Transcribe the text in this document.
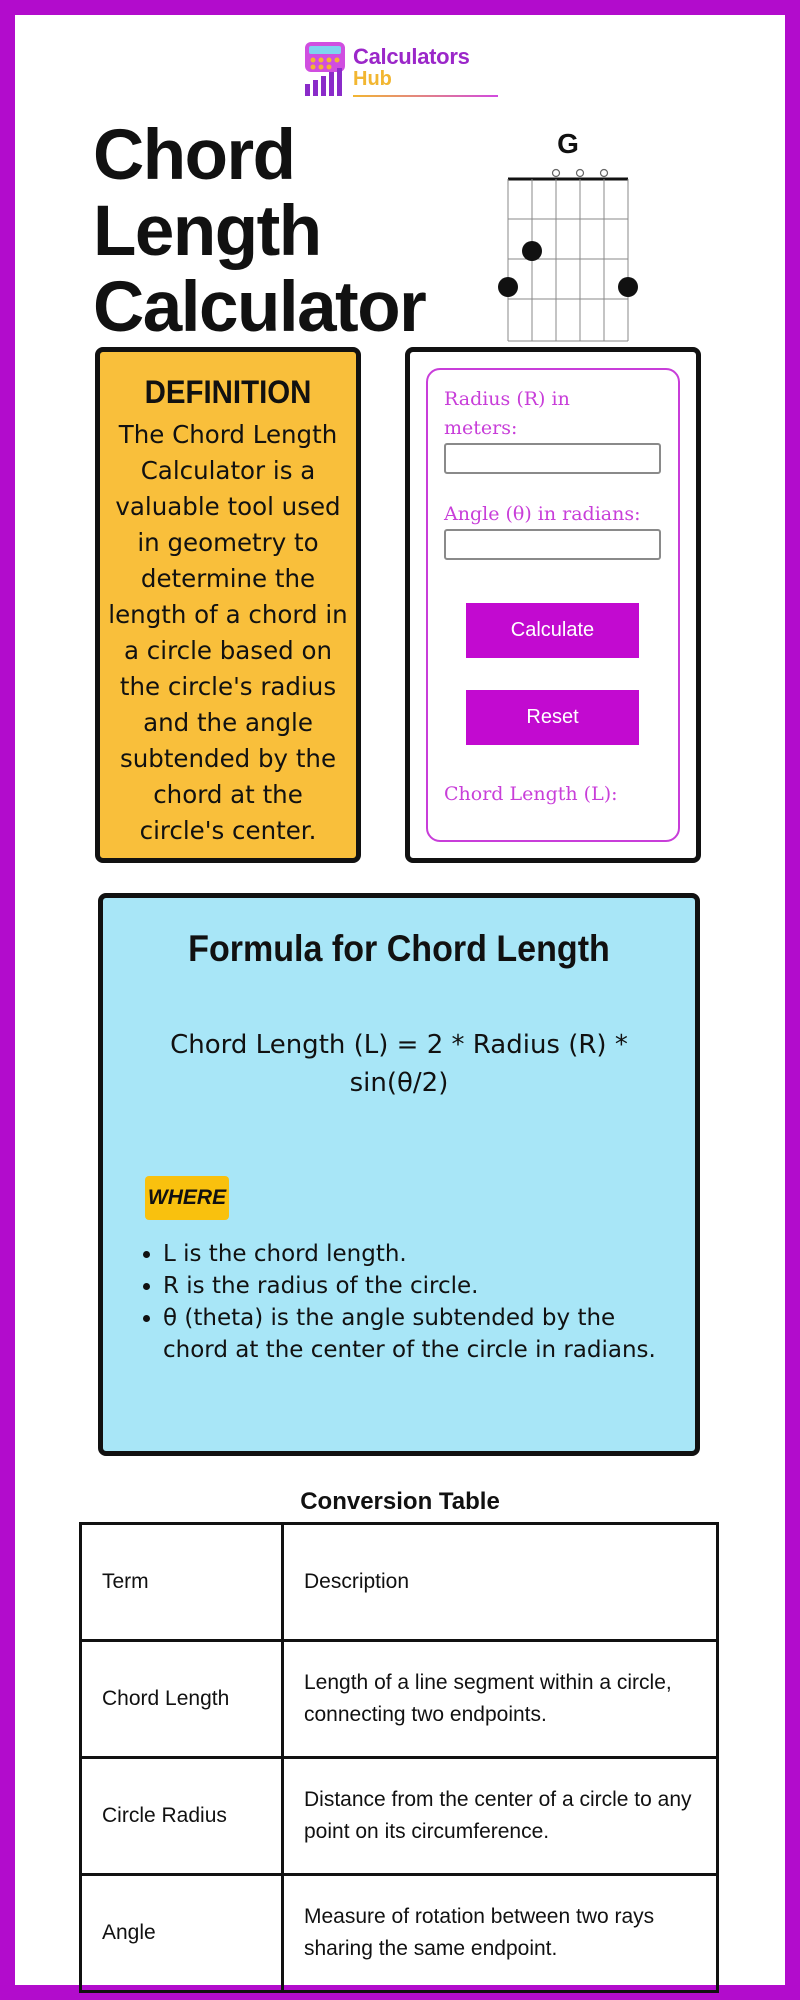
Calculators
Hub
Chord Length Calculator
G
DEFINITION
The Chord Length Calculator is a valuable tool used in geometry to determine the length of a chord in a circle based on the circle's radius and the angle subtended by the chord at the circle's center.
Radius (R) in meters:
Angle (θ) in radians:
Calculate
Reset
Chord Length (L):
Formula for Chord Length
Chord Length (L) = 2 * Radius (R) * sin(θ/2)
WHERE
• L is the chord length.
• R is the radius of the circle.
• θ (theta) is the angle subtended by the chord at the center of the circle in radians.
Conversion Table
Term	Description
Chord Length	Length of a line segment within a circle, connecting two endpoints.
Circle Radius	Distance from the center of a circle to any point on its circumference.
Angle	Measure of rotation between two rays sharing the same endpoint.
